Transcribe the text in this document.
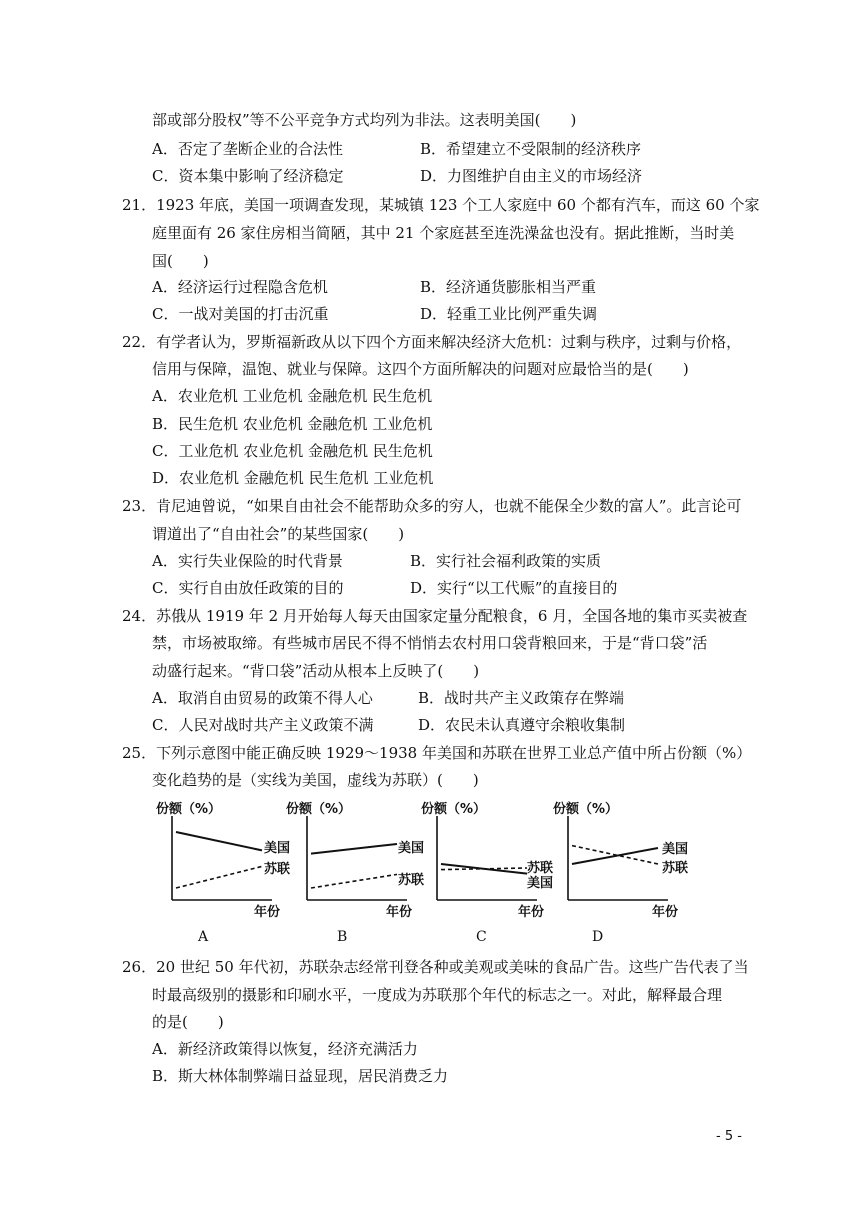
部或部分股权”等不公平竞争方式均列为非法。这表明美国(　　)
A．否定了垄断企业的合法性	B．希望建立不受限制的经济秩序
C．资本集中影响了经济稳定	D．力图维护自由主义的市场经济
21．1923 年底，美国一项调查发现，某城镇 123 个工人家庭中 60 个都有汽车，而这 60 个家
庭里面有 26 家住房相当简陋，其中 21 个家庭甚至连洗澡盆也没有。据此推断，当时美
国(　　)
A．经济运行过程隐含危机	B．经济通货膨胀相当严重
C．一战对美国的打击沉重	D．轻重工业比例严重失调
22．有学者认为，罗斯福新政从以下四个方面来解决经济大危机：过剩与秩序，过剩与价格，
信用与保障，温饱、就业与保障。这四个方面所解决的问题对应最恰当的是(　　)
A．农业危机 工业危机 金融危机 民生危机
B．民生危机 农业危机 金融危机 工业危机
C．工业危机 农业危机 金融危机 民生危机
D．农业危机 金融危机 民生危机 工业危机
23．肯尼迪曾说，“如果自由社会不能帮助众多的穷人，也就不能保全少数的富人”。此言论可
谓道出了“自由社会”的某些国家(　　)
A．实行失业保险的时代背景	B．实行社会福利政策的实质
C．实行自由放任政策的目的	D．实行“以工代赈”的直接目的
24．苏俄从 1919 年 2 月开始每人每天由国家定量分配粮食，6 月，全国各地的集市买卖被查
禁，市场被取缔。有些城市居民不得不悄悄去农村用口袋背粮回来，于是“背口袋”活
动盛行起来。“背口袋”活动从根本上反映了(　　)
A．取消自由贸易的政策不得人心	B．战时共产主义政策存在弊端
C．人民对战时共产主义政策不满	D．农民未认真遵守余粮收集制
25．下列示意图中能正确反映 1929～1938 年美国和苏联在世界工业总产值中所占份额（%）
变化趋势的是（实线为美国，虚线为苏联）(　　)
份额（%）
美国
苏联
年份
A
份额（%）
美国
苏联
年份
B
份额（%）
苏联
美国
年份
C
份额（%）
美国
苏联
年份
D
26．20 世纪 50 年代初，苏联杂志经常刊登各种或美观或美味的食品广告。这些广告代表了当
时最高级别的摄影和印刷水平，一度成为苏联那个年代的标志之一。对此，解释最合理
的是(　　)
A．新经济政策得以恢复，经济充满活力
B．斯大林体制弊端日益显现，居民消费乏力
- 5 -
